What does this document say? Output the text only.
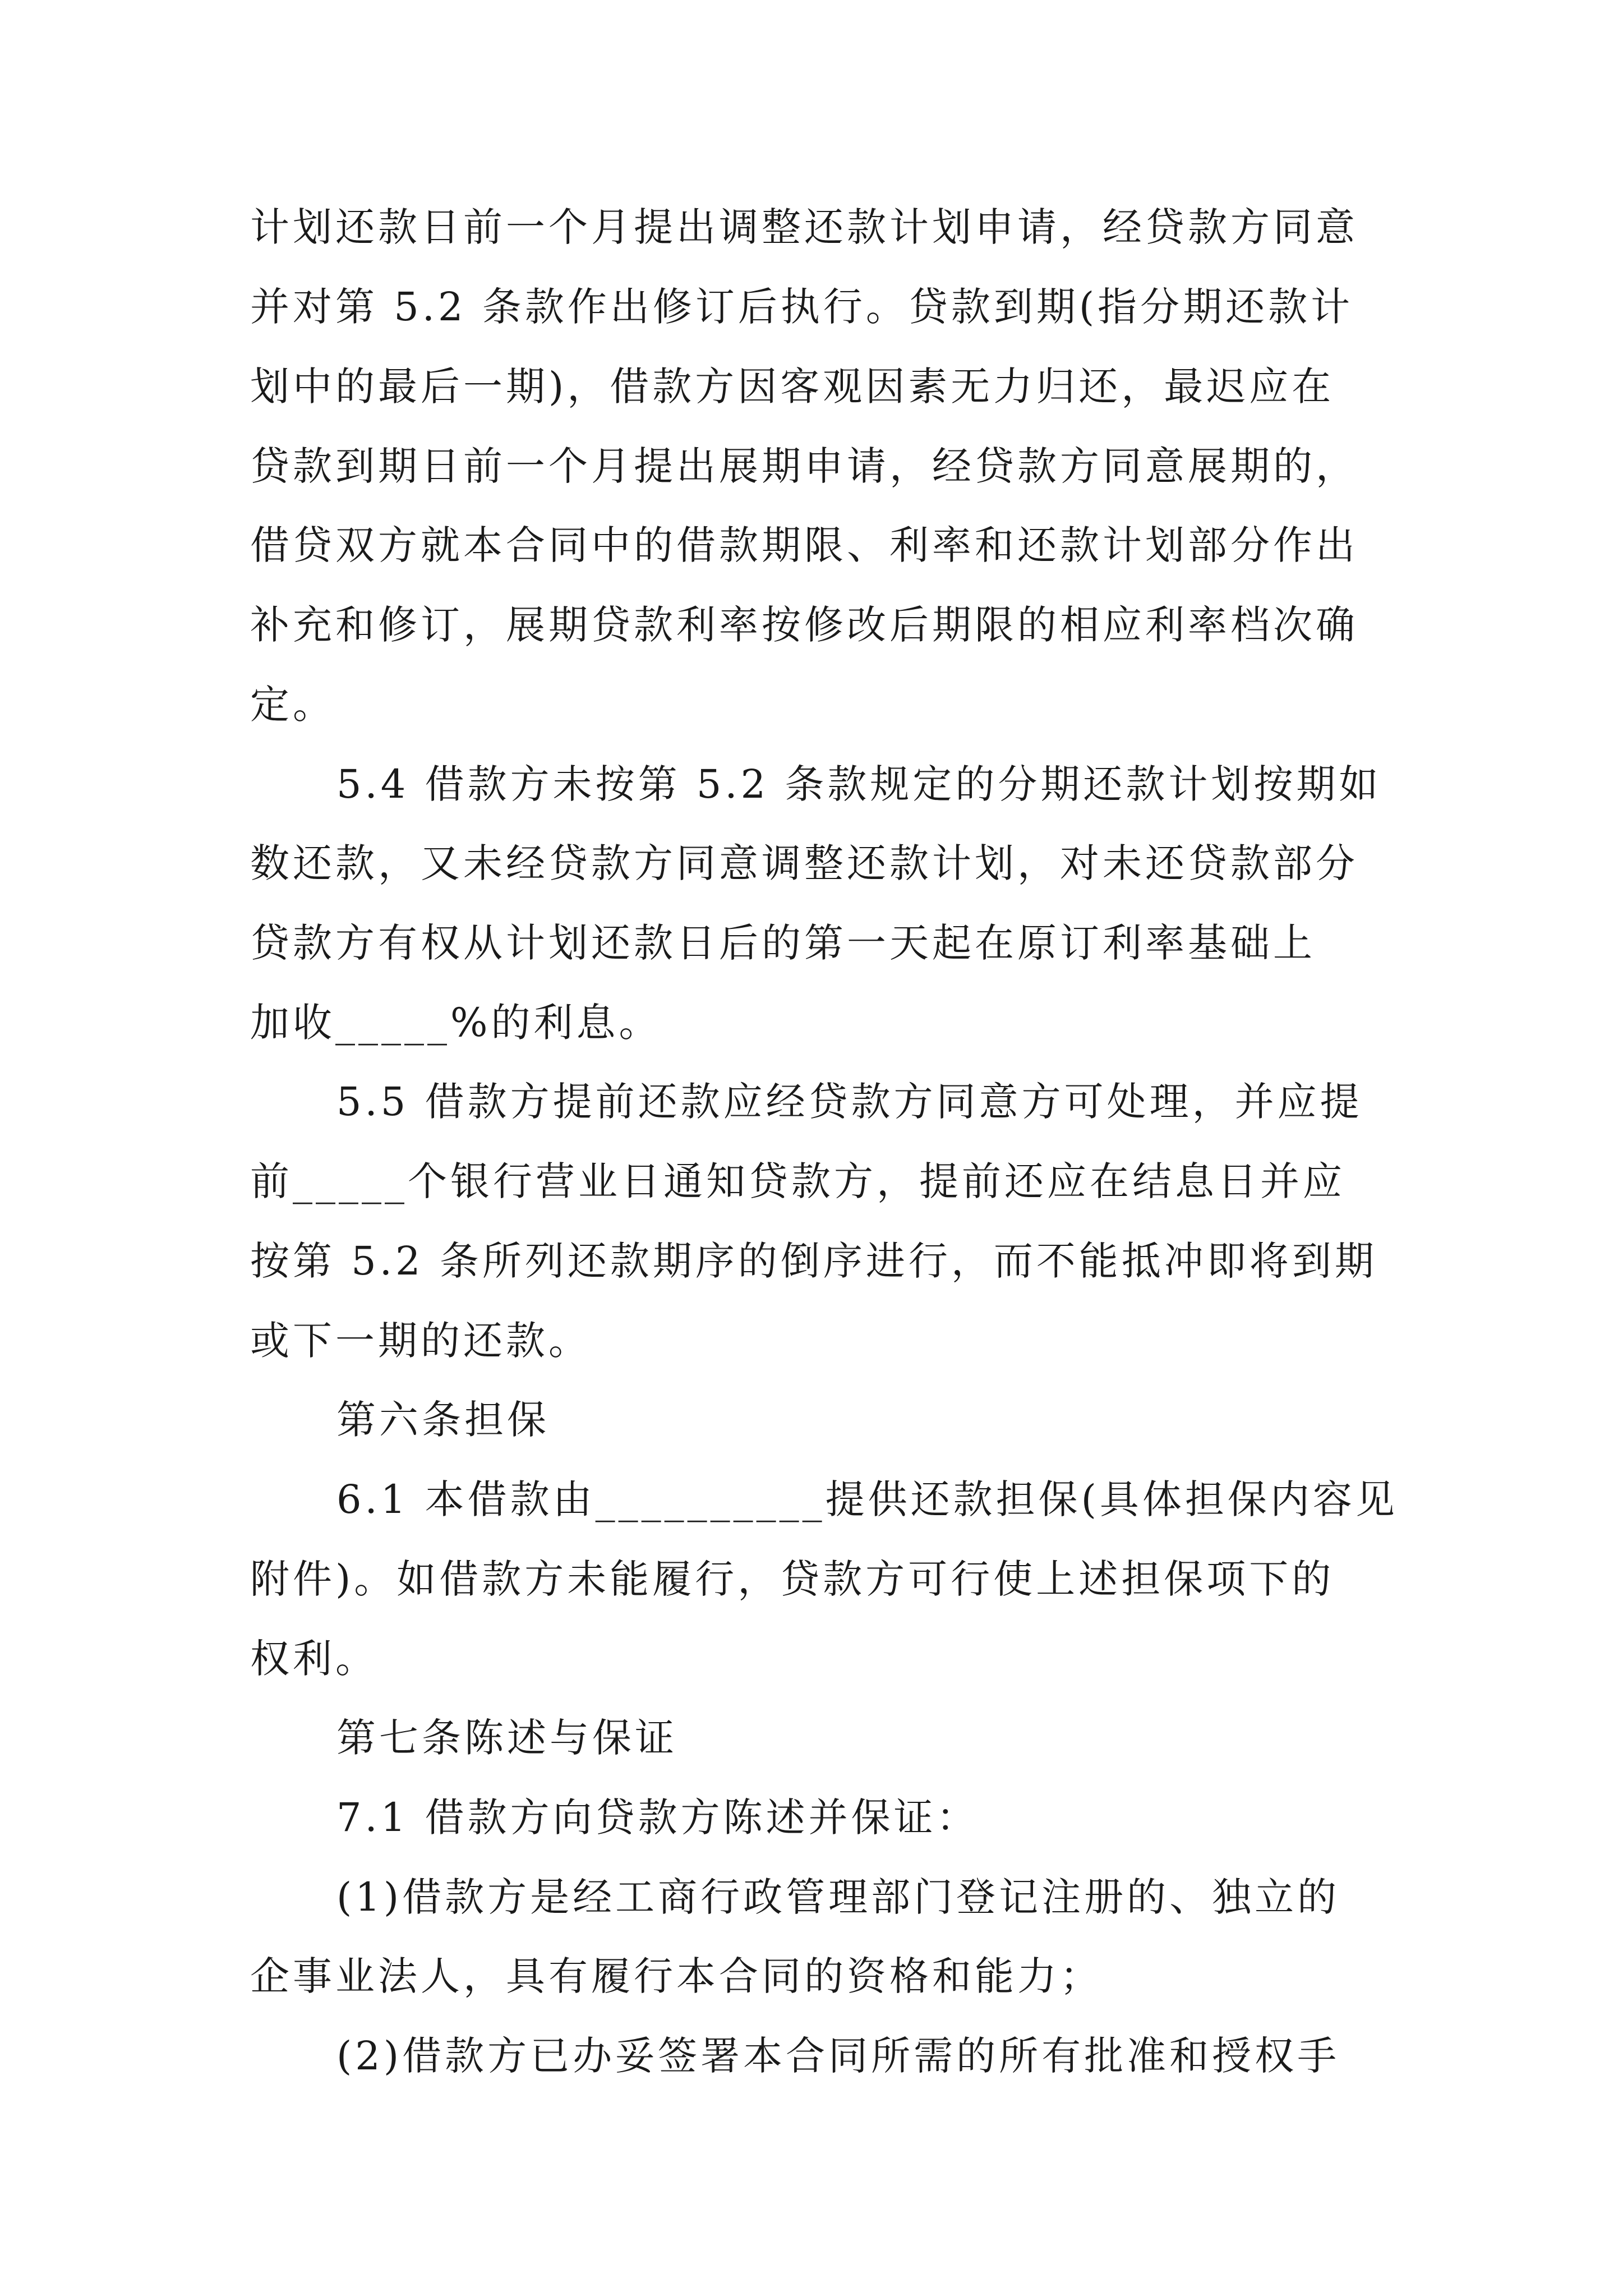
计划还款日前一个月提出调整还款计划申请，经贷款方同意
并对第 5.2 条款作出修订后执行。贷款到期(指分期还款计
划中的最后一期)，借款方因客观因素无力归还，最迟应在
贷款到期日前一个月提出展期申请，经贷款方同意展期的，
借贷双方就本合同中的借款期限、利率和还款计划部分作出
补充和修订，展期贷款利率按修改后期限的相应利率档次确
定。
5.4 借款方未按第 5.2 条款规定的分期还款计划按期如
数还款，又未经贷款方同意调整还款计划，对未还贷款部分
贷款方有权从计划还款日后的第一天起在原订利率基础上
加收_____%的利息。
5.5 借款方提前还款应经贷款方同意方可处理，并应提
前_____个银行营业日通知贷款方，提前还应在结息日并应
按第 5.2 条所列还款期序的倒序进行，而不能抵冲即将到期
或下一期的还款。
第六条担保
6.1 本借款由__________提供还款担保(具体担保内容见
附件)。如借款方未能履行，贷款方可行使上述担保项下的
权利。
第七条陈述与保证
7.1 借款方向贷款方陈述并保证：
(1)借款方是经工商行政管理部门登记注册的、独立的
企事业法人，具有履行本合同的资格和能力；
(2)借款方已办妥签署本合同所需的所有批准和授权手
